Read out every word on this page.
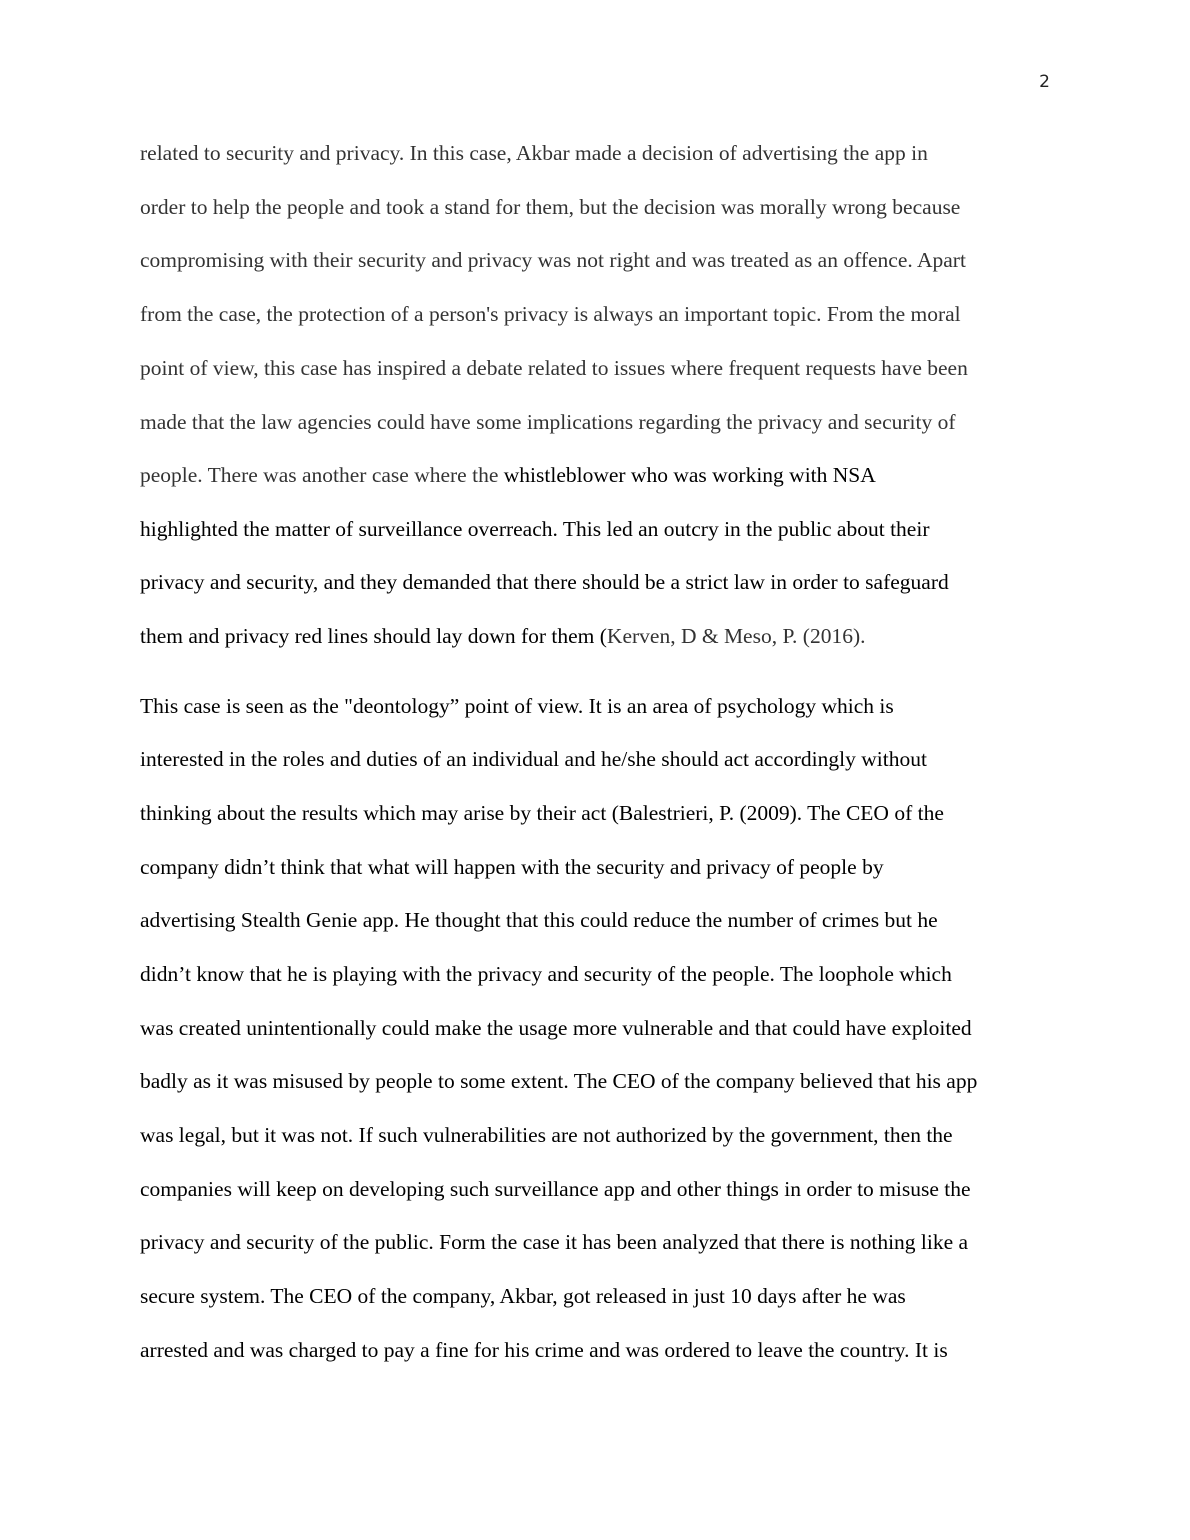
2

related to security and privacy. In this case, Akbar made a decision of advertising the app in

order to help the people and took a stand for them, but the decision was morally wrong because

compromising with their security and privacy was not right and was treated as an offence. Apart

from the case, the protection of a person's privacy is always an important topic. From the moral

point of view, this case has inspired a debate related to issues where frequent requests have been

made that the law agencies could have some implications regarding the privacy and security of

people. There was another case where the whistleblower who was working with NSA

highlighted the matter of surveillance overreach. This led an outcry in the public about their

privacy and security, and they demanded that there should be a strict law in order to safeguard

them and privacy red lines should lay down for them (Kerven, D & Meso, P. (2016).

This case is seen as the "deontology” point of view. It is an area of psychology which is

interested in the roles and duties of an individual and he/she should act accordingly without

thinking about the results which may arise by their act (Balestrieri, P. (2009). The CEO of the

company didn’t think that what will happen with the security and privacy of people by

advertising Stealth Genie app. He thought that this could reduce the number of crimes but he

didn’t know that he is playing with the privacy and security of the people. The loophole which

was created unintentionally could make the usage more vulnerable and that could have exploited

badly as it was misused by people to some extent. The CEO of the company believed that his app

was legal, but it was not. If such vulnerabilities are not authorized by the government, then the

companies will keep on developing such surveillance app and other things in order to misuse the

privacy and security of the public. Form the case it has been analyzed that there is nothing like a

secure system. The CEO of the company, Akbar, got released in just 10 days after he was

arrested and was charged to pay a fine for his crime and was ordered to leave the country. It is
